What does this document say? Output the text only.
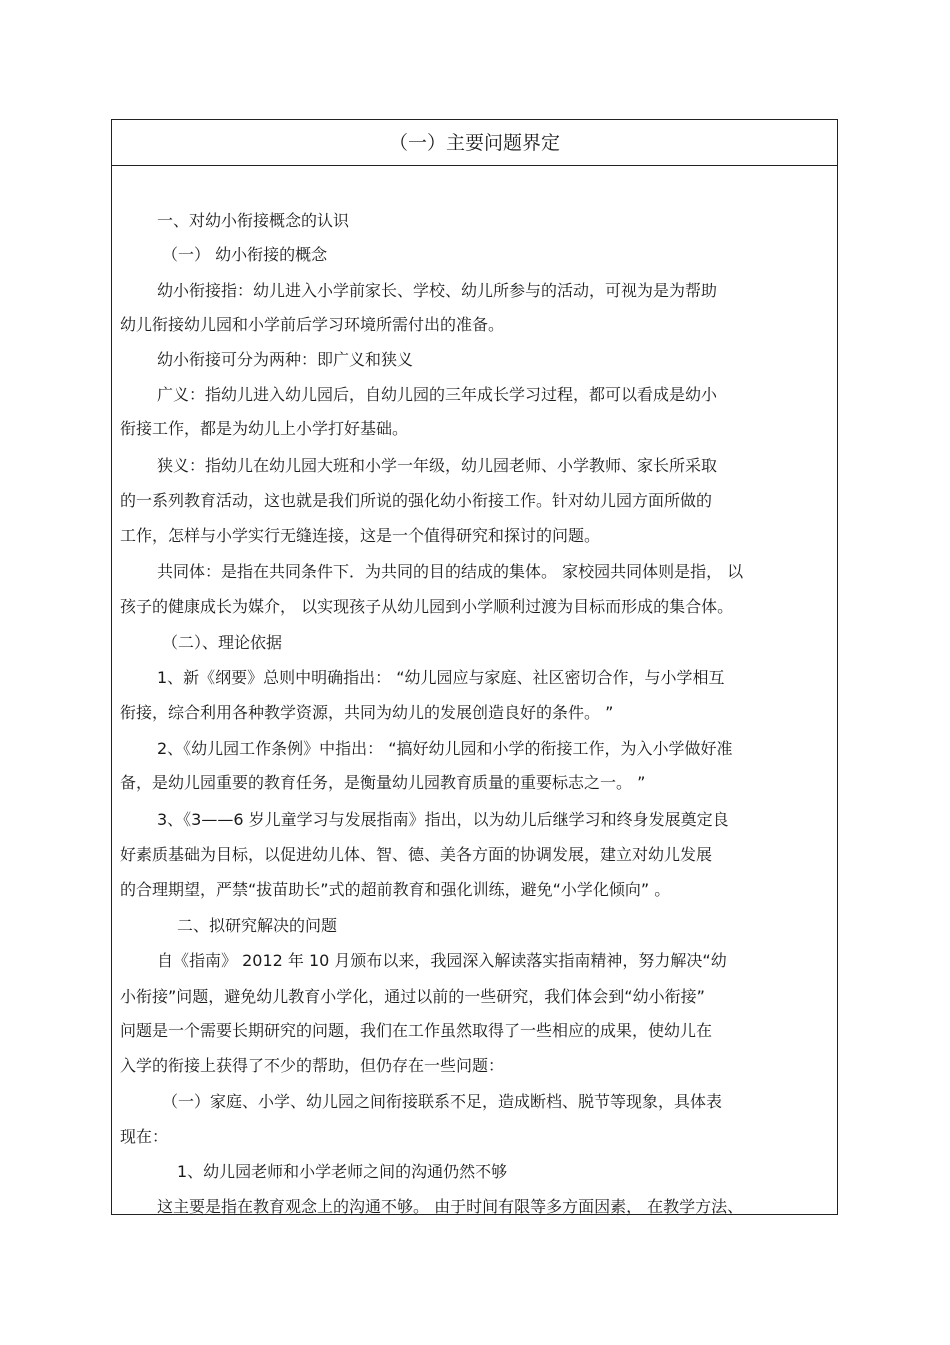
（一）主要问题界定
一、对幼小衔接概念的认识
（一） 幼小衔接的概念
幼小衔接指：幼儿进入小学前家长、学校、幼儿所参与的活动，可视为是为帮助
幼儿衔接幼儿园和小学前后学习环境所需付出的准备。
幼小衔接可分为两种：即广义和狭义
广义：指幼儿进入幼儿园后，自幼儿园的三年成长学习过程，都可以看成是幼小
衔接工作，都是为幼儿上小学打好基础。
狭义：指幼儿在幼儿园大班和小学一年级，幼儿园老师、小学教师、家长所采取
的一系列教育活动，这也就是我们所说的强化幼小衔接工作。针对幼儿园方面所做的
工作，怎样与小学实行无缝连接，这是一个值得研究和探讨的问题。
共同体：是指在共同条件下．为共同的目的结成的集体。 家校园共同体则是指， 以
孩子的健康成长为媒介， 以实现孩子从幼儿园到小学顺利过渡为目标而形成的集合体。
（二）、理论依据
1、新《纲要》总则中明确指出： “幼儿园应与家庭、社区密切合作，与小学相互
衔接，综合利用各种教学资源，共同为幼儿的发展创造良好的条件。 ”
2、《幼儿园工作条例》中指出： “搞好幼儿园和小学的衔接工作，为入小学做好准
备，是幼儿园重要的教育任务，是衡量幼儿园教育质量的重要标志之一。 ”
3、《3——6 岁儿童学习与发展指南》指出，以为幼儿后继学习和终身发展奠定良
好素质基础为目标，以促进幼儿体、智、德、美各方面的协调发展，建立对幼儿发展
的合理期望，严禁“拔苗助长”式的超前教育和强化训练，避免“小学化倾向” 。
二、拟研究解决的问题
自《指南》 2012 年 10 月颁布以来，我园深入解读落实指南精神，努力解决“幼
小衔接”问题，避免幼儿教育小学化，通过以前的一些研究，我们体会到“幼小衔接”
问题是一个需要长期研究的问题，我们在工作虽然取得了一些相应的成果，使幼儿在
入学的衔接上获得了不少的帮助，但仍存在一些问题：
（一）家庭、小学、幼儿园之间衔接联系不足，造成断档、脱节等现象，具体表
现在：
1、幼儿园老师和小学老师之间的沟通仍然不够
这主要是指在教育观念上的沟通不够。 由于时间有限等多方面因素， 在教学方法、
